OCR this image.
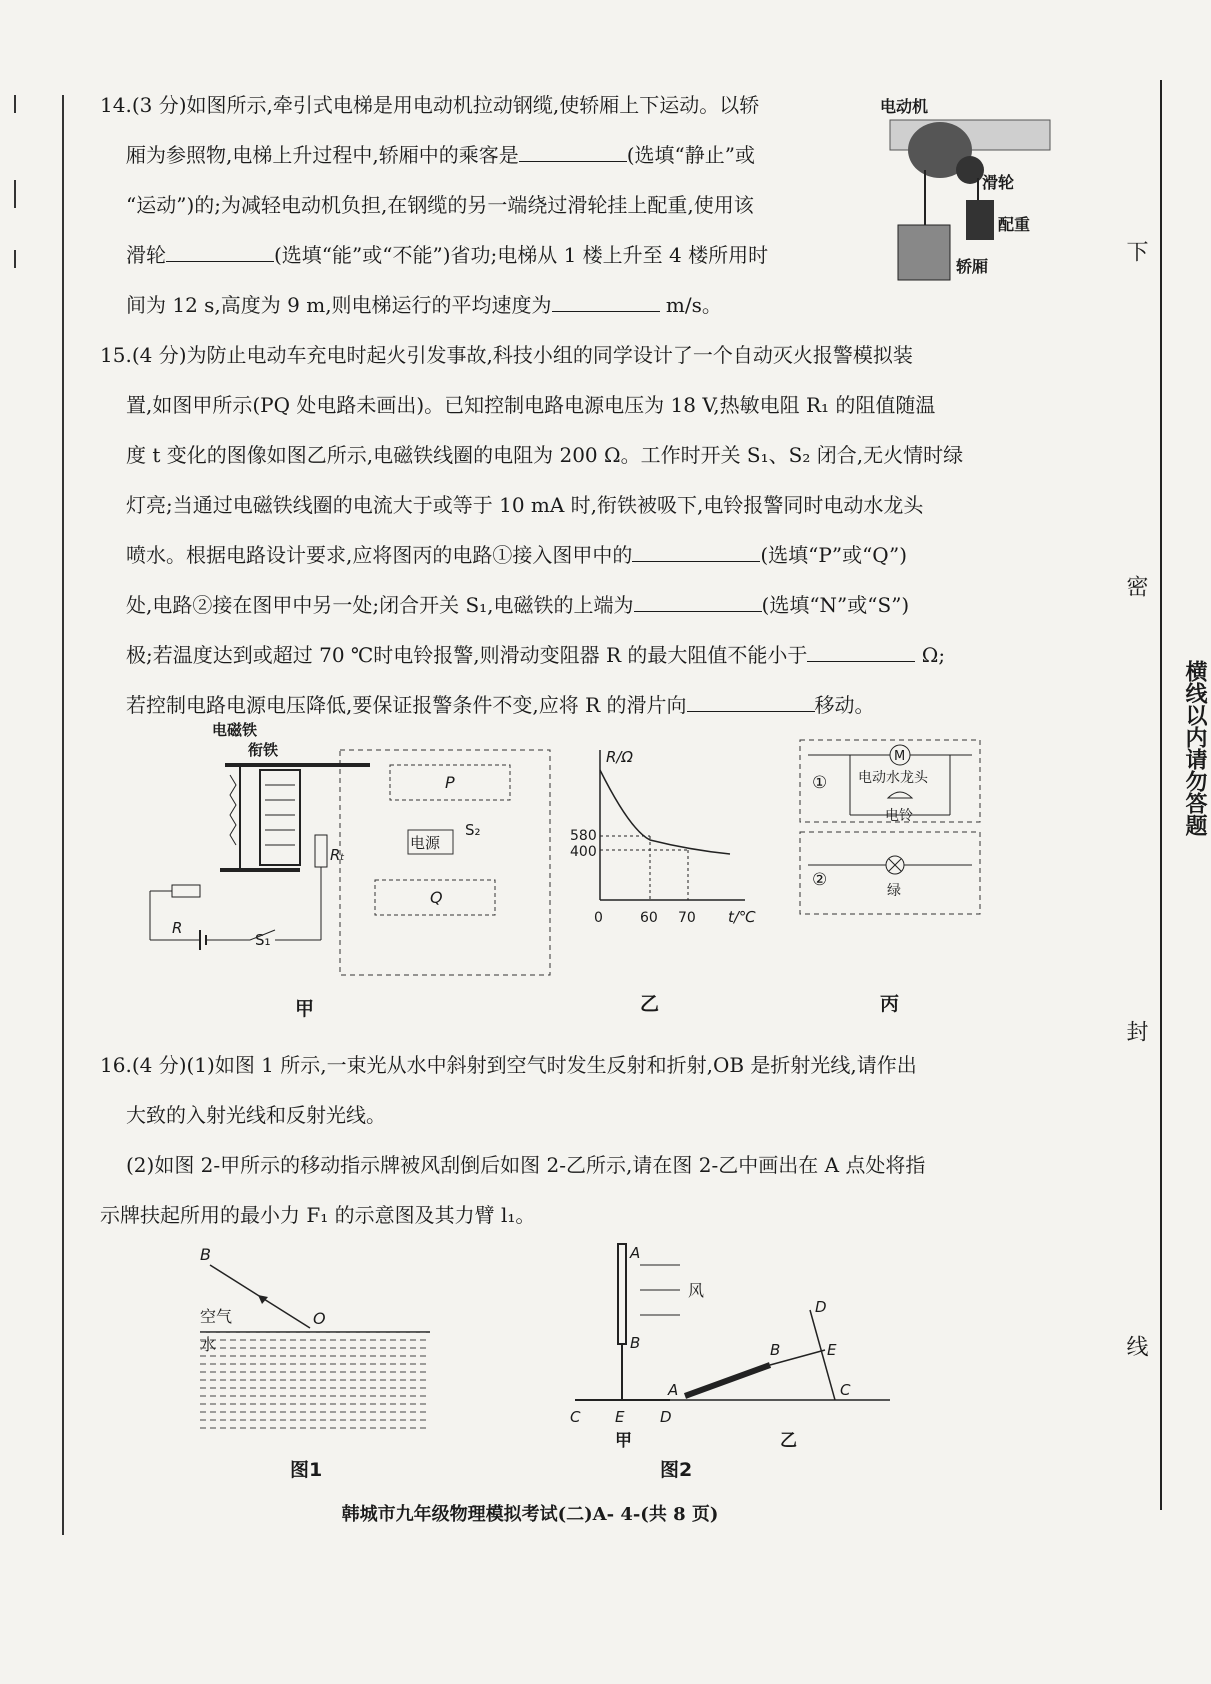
14.(3 分)如图所示,牵引式电梯是用电动机拉动钢缆,使轿厢上下运动。以轿
厢为参照物,电梯上升过程中,轿厢中的乘客是	(选填“静止”或
“运动”)的;为减轻电动机负担,在钢缆的另一端绕过滑轮挂上配重,使用该
滑轮	(选填“能”或“不能”)省功;电梯从 1 楼上升至 4 楼所用时
间为 12 s,高度为 9 m,则电梯运行的平均速度为	m/s。
电动机
滑轮
配重
轿厢
15.(4 分)为防止电动车充电时起火引发事故,科技小组的同学设计了一个自动灭火报警模拟装
置,如图甲所示(PQ 处电路未画出)。已知控制电路电源电压为 18 V,热敏电阻 R₁ 的阻值随温
度 t 变化的图像如图乙所示,电磁铁线圈的电阻为 200 Ω。工作时开关 S₁、S₂ 闭合,无火情时绿
灯亮;当通过电磁铁线圈的电流大于或等于 10 mA 时,衔铁被吸下,电铃报警同时电动水龙头
喷水。根据电路设计要求,应将图丙的电路①接入图甲中的	(选填“P”或“Q”)
处,电路②接在图甲中另一处;闭合开关 S₁,电磁铁的上端为	(选填“N”或“S”)
极;若温度达到或超过 70 ℃时电铃报警,则滑动变阻器 R 的最大阻值不能小于	Ω;
若控制电路电源电压降低,要保证报警条件不变,应将 R 的滑片向	移动。
P
Q
电源
电磁铁
衔铁
S₂
S₁
R
Rₜ
甲
R/Ω
t/℃
580
400
0	60 70
乙
①
M
电动水龙头
电铃
②
绿
丙
16.(4 分)(1)如图 1 所示,一束光从水中斜射到空气时发生反射和折射,OB 是折射光线,请作出
大致的入射光线和反射光线。
(2)如图 2-甲所示的移动指示牌被风刮倒后如图 2-乙所示,请在图 2-乙中画出在 A 点处将指
示牌扶起所用的最小力 F₁ 的示意图及其力臂 l₁。
B
O
空气
图1
A
B
C E D
风
甲
A
B
D
E
C
乙
图2
韩城市九年级物理模拟考试(二)A- 4-(共 8 页)
下
密
横线以内请勿答题
封
线
